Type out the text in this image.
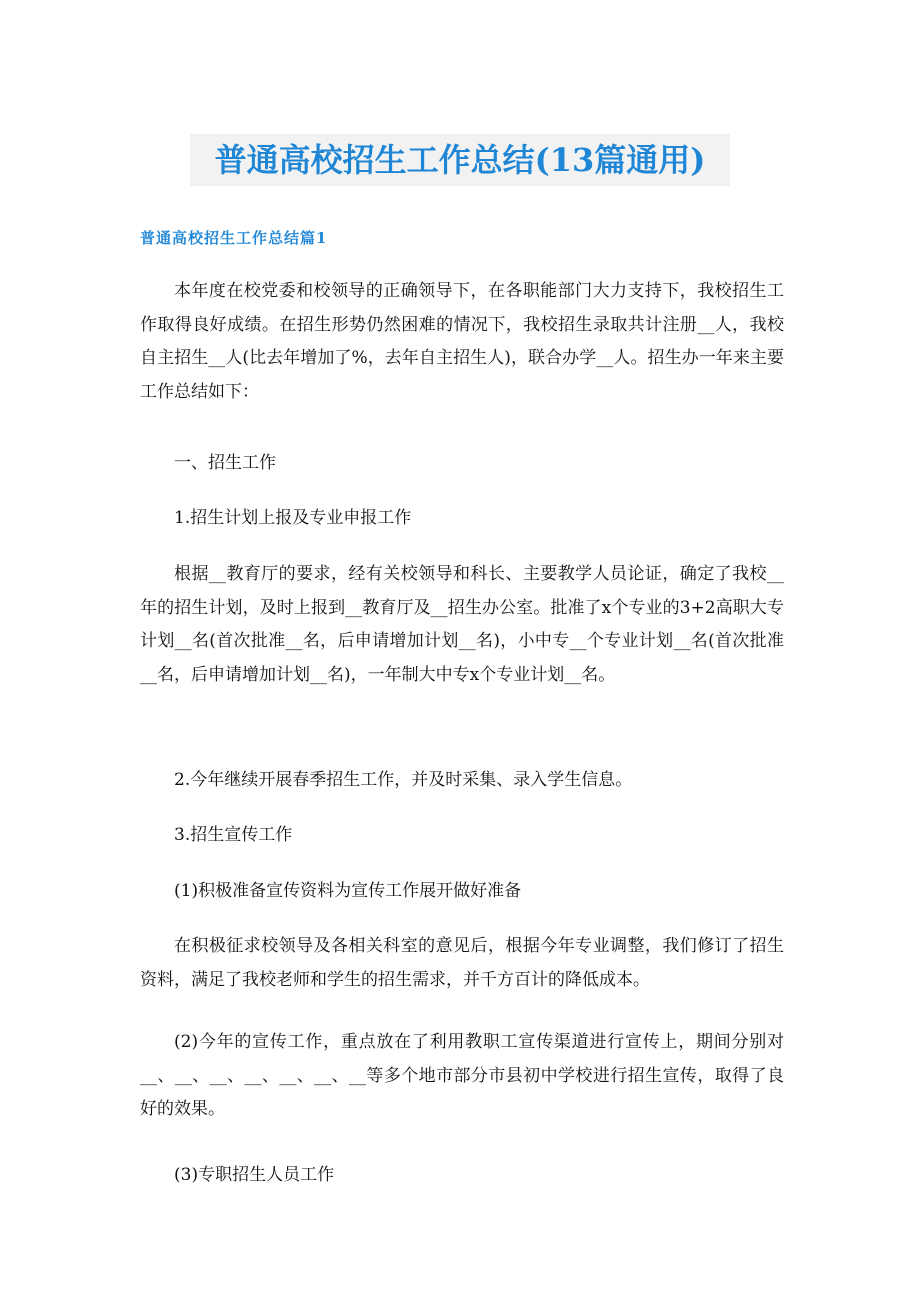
普通高校招生工作总结(13篇通用)
普通高校招生工作总结篇1

本年度在校党委和校领导的正确领导下，在各职能部门大力支持下，我校招生工作取得良好成绩。在招生形势仍然困难的情况下，我校招生录取共计注册__人，我校自主招生__人(比去年增加了%，去年自主招生人)，联合办学__人。招生办一年来主要工作总结如下：

一、招生工作

1.招生计划上报及专业申报工作

根据__教育厅的要求，经有关校领导和科长、主要教学人员论证，确定了我校__年的招生计划，及时上报到__教育厅及__招生办公室。批准了x个专业的3+2高职大专计划__名(首次批准__名，后申请增加计划__名)，小中专__个专业计划__名(首次批准__名，后申请增加计划__名)，一年制大中专x个专业计划__名。

2.今年继续开展春季招生工作，并及时采集、录入学生信息。

3.招生宣传工作

(1)积极准备宣传资料为宣传工作展开做好准备

在积极征求校领导及各相关科室的意见后，根据今年专业调整，我们修订了招生资料，满足了我校老师和学生的招生需求，并千方百计的降低成本。

(2)今年的宣传工作，重点放在了利用教职工宣传渠道进行宣传上，期间分别对__、__、__、__、__、__、__等多个地市部分市县初中学校进行招生宣传，取得了良好的效果。

(3)专职招生人员工作
